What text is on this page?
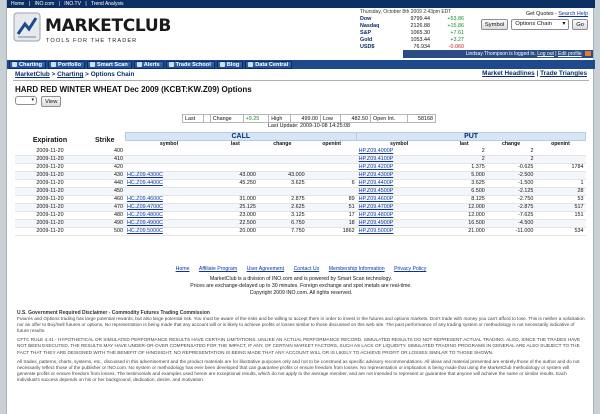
Home | INO.com | INO.TV | Trend Analysis
MARKETCLUB
TOOLS FOR THE TRADER
Thursday, October 8th 2009 2:43pm EDT
Dow	9799.44	+53.86
Nasdaq	2126.88	+15.86
S&P	1065.30	+7.61
Gold	1053.44	+3.27
USD$	76.934	-0.060
Get Quotes - Search Help
Symbol	Options Chain ▾	Go
Lindsay Thompson is logged in. Log out | Edit profile
Charting	Portfolio	Smart Scan	Alerts	Trade School	Blog	Data Central
MarketClub > Charting > Options Chain	Market Headlines | Trade Triangles
HARD RED WINTER WHEAT Dec 2009 (KCBT:KW.Z09) Options
▾	View
Last		Change	+9.25	High	499.00	Low	482.50	Open Int.	58168
Last Update: 2009-10-08 14:25:08
Expiration	Strike	CALL				PUT			
		symbol	last	change	openint	symbol	last	change	openint
2009-11-20	400					HP.Z09.4000P	2	2	
2009-11-20	410					HP.Z09.4100P	2	2	
2009-11-20	420					HP.Z09.4200P	1.375	-0.625	1784
2009-11-20	430	HC.Z09.4300C	43.000	43.000		HP.Z09.4300P	5.000	-2.500	
2009-11-20	440	HC.Z09.4400C	45.250	3.625	6	HP.Z09.4400P	3.625	-1.500	1
2009-11-20	450					HP.Z09.4500P	6.500	-2.125	28
2009-11-20	460	HC.Z09.4600C	31.000	2.875	89	HP.Z09.4600P	8.125	-2.750	53
2009-11-20	470	HC.Z09.4700C	25.125	2.625	51	HP.Z09.4700P	12.000	-2.875	517
2009-11-20	480	HC.Z09.4800C	23.000	3.125	17	HP.Z09.4800P	12.000	-7.625	151
2009-11-20	490	HC.Z09.4900C	22.500	6.750	18	HP.Z09.4900P	16.500	-4.500	
2009-11-20	500	HC.Z09.5000C	20.000	7.750	1862	HP.Z09.5000P	21.000	-11.000	534
Home Affiliate Program User Agreement Contact Us Membership Information Privacy Policy
MarketClub is a division of INO.com and is powered by Smart Scan technology.
Prices are exchange-delayed up to 30 minutes. Foreign exchange and spot metals are real-time.
Copyright 2009 INO.com. All rights reserved.
U.S. Government Required Disclaimer - Commodity Futures Trading Commission

Futures and Options trading has large potential rewards, but also large potential risk. You must be aware of the risks and be willing to accept them in order to invest in the futures and options markets. Don't trade with money you can't afford to lose. This is neither a solicitation nor an offer to Buy/Sell futures or options. No representation is being made that any account will or is likely to achieve profits or losses similar to those discussed on this web site. The past performance of any trading system or methodology is not necessarily indicative of future results.

CFTC RULE 4.41 - HYPOTHETICAL OR SIMULATED PERFORMANCE RESULTS HAVE CERTAIN LIMITATIONS. UNLIKE AN ACTUAL PERFORMANCE RECORD, SIMULATED RESULTS DO NOT REPRESENT ACTUAL TRADING. ALSO, SINCE THE TRADES HAVE NOT BEEN EXECUTED, THE RESULTS MAY HAVE UNDER-OR-OVER COMPENSATED FOR THE IMPACT, IF ANY, OF CERTAIN MARKET FACTORS, SUCH AS LACK OF LIQUIDITY. SIMULATED TRADING PROGRAMS IN GENERAL ARE ALSO SUBJECT TO THE FACT THAT THEY ARE DESIGNED WITH THE BENEFIT OF HINDSIGHT. NO REPRESENTATION IS BEING MADE THAT ANY ACCOUNT WILL OR IS LIKELY TO ACHIEVE PROFIT OR LOSSES SIMILAR TO THOSE SHOWN.

All trades, patterns, charts, systems, etc., discussed in this advertisement and the product materials are for illustrative purposes only and not to be construed as specific advisory recommendations. All ideas and material presented are entirely those of the author and do not necessarily reflect those of the publisher or INO.com. No system or methodology has ever been developed that can guarantee profits or ensure freedom from losses. No representation or implication is being made that using the MarketClub methodology or system will generate profits or ensure freedom from losses. The testimonials and examples used herein are exceptional results, which do not apply to the average member, and are not intended to represent or guarantee that anyone will achieve the same or similar results. Each individual's success depends on his or her background, dedication, desire, and motivation.
